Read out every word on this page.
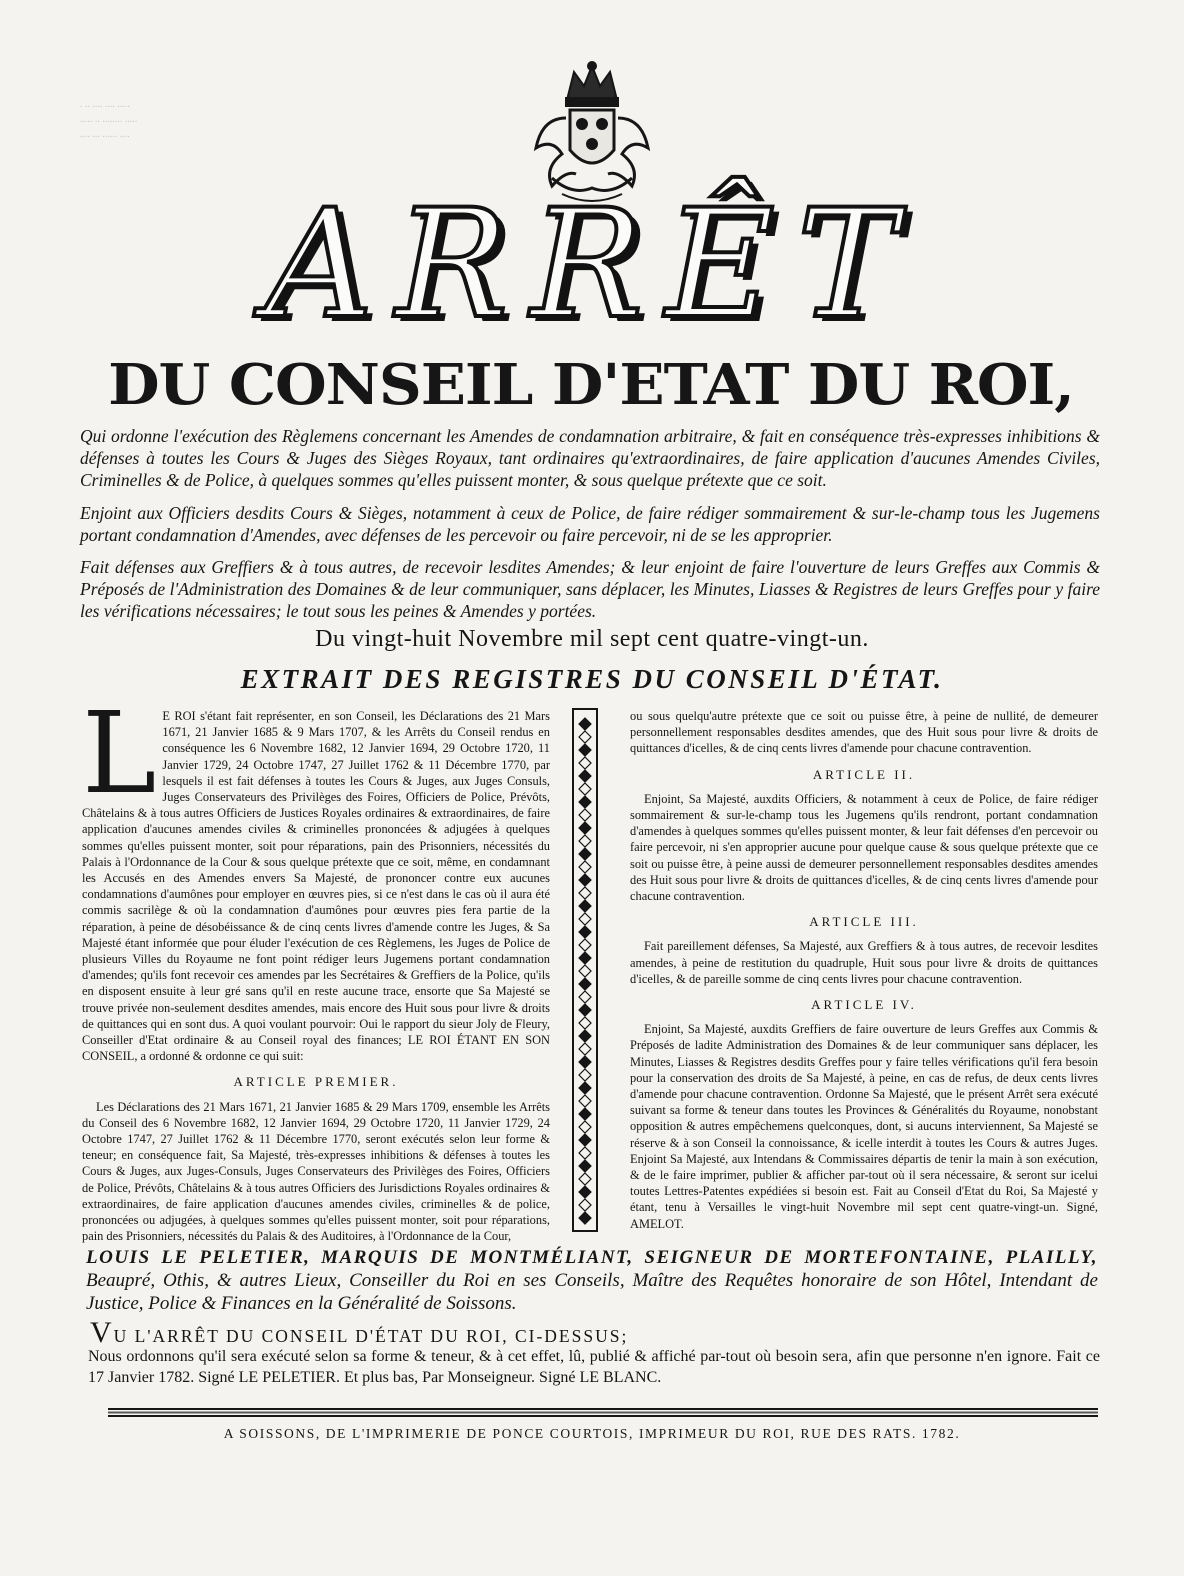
····· ···· ···· ·· ·
····· ········ ·· ·····
···· ······ ··· ····
ARRÊT
DU CONSEIL D'ETAT DU ROI,
Qui ordonne l'exécution des Règlemens concernant les Amendes de condamnation arbitraire, & fait en conséquence très-expresses inhibitions & défenses à toutes les Cours & Juges des Sièges Royaux, tant ordinaires qu'extraordinaires, de faire application d'aucunes Amendes Civiles, Criminelles & de Police, à quelques sommes qu'elles puissent monter, & sous quelque prétexte que ce soit.
Enjoint aux Officiers desdits Cours & Sièges, notamment à ceux de Police, de faire rédiger sommairement & sur-le-champ tous les Jugemens portant condamnation d'Amendes, avec défenses de les percevoir ou faire percevoir, ni de se les approprier.
Fait défenses aux Greffiers & à tous autres, de recevoir lesdites Amendes; & leur enjoint de faire l'ouverture de leurs Greffes aux Commis & Préposés de l'Administration des Domaines & de leur communiquer, sans déplacer, les Minutes, Liasses & Registres de leurs Greffes pour y faire les vérifications nécessaires; le tout sous les peines & Amendes y portées.
Du vingt-huit Novembre mil sept cent quatre-vingt-un.
EXTRAIT DES REGISTRES DU CONSEIL D'ÉTAT.
L E ROI s'étant fait représenter, en son Conseil, les Déclarations des 21 Mars 1671, 21 Janvier 1685 & 9 Mars 1707, & les Arrêts du Conseil rendus en conséquence les 6 Novembre 1682, 12 Janvier 1694, 29 Octobre 1720, 11 Janvier 1729, 24 Octobre 1747, 27 Juillet 1762 & 11 Décembre 1770, par lesquels il est fait défenses à toutes les Cours & Juges, aux Juges Consuls, Juges Conservateurs des Privilèges des Foires, Officiers de Police, Prévôts, Châtelains & à tous autres Officiers de Justices Royales ordinaires & extraordinaires, de faire application d'aucunes amendes civiles & criminelles prononcées & adjugées à quelques sommes qu'elles puissent monter, soit pour réparations, pain des Prisonniers, nécessités du Palais à l'Ordonnance de la Cour & sous quelque prétexte que ce soit, même, en condamnant les Accusés en des Amendes envers Sa Majesté, de prononcer contre eux aucunes condamnations d'aumônes pour employer en œuvres pies, si ce n'est dans le cas où il aura été commis sacrilège & où la condamnation d'aumônes pour œuvres pies fera partie de la réparation, à peine de désobéissance & de cinq cents livres d'amende contre les Juges, & Sa Majesté étant informée que pour éluder l'exécution de ces Règlemens, les Juges de Police de plusieurs Villes du Royaume ne font point rédiger leurs Jugemens portant condamnation d'amendes; qu'ils font recevoir ces amendes par les Secrétaires & Greffiers de la Police, qu'ils en disposent ensuite à leur gré sans qu'il en reste aucune trace, ensorte que Sa Majesté se trouve privée non-seulement desdites amendes, mais encore des Huit sous pour livre & droits de quittances qui en sont dus. A quoi voulant pourvoir: Oui le rapport du sieur Joly de Fleury, Conseiller d'Etat ordinaire & au Conseil royal des finances; LE ROI ÉTANT EN SON CONSEIL, a ordonné & ordonne ce qui suit:
ARTICLE PREMIER.

Les Déclarations des 21 Mars 1671, 21 Janvier 1685 & 29 Mars 1709, ensemble les Arrêts du Conseil des 6 Novembre 1682, 12 Janvier 1694, 29 Octobre 1720, 11 Janvier 1729, 24 Octobre 1747, 27 Juillet 1762 & 11 Décembre 1770, seront exécutés selon leur forme & teneur; en conséquence fait, Sa Majesté, très-expresses inhibitions & défenses à toutes les Cours & Juges, aux Juges-Consuls, Juges Conservateurs des Privilèges des Foires, Officiers de Police, Prévôts, Châtelains & à tous autres Officiers des Jurisdictions Royales ordinaires & extraordinaires, de faire application d'aucunes amendes civiles, criminelles & de police, prononcées ou adjugées, à quelques sommes qu'elles puissent monter, soit pour réparations, pain des Prisonniers, nécessités du Palais & des Auditoires, à l'Ordonnance de la Cour,

ou sous quelqu'autre prétexte que ce soit ou puisse être, à peine de nullité, de demeurer personnellement responsables desdites amendes, que des Huit sous pour livre & droits de quittances d'icelles, & de cinq cents livres d'amende pour chacune contravention.

ARTICLE II.

Enjoint, Sa Majesté, auxdits Officiers, & notamment à ceux de Police, de faire rédiger sommairement & sur-le-champ tous les Jugemens qu'ils rendront, portant condamnation d'amendes à quelques sommes qu'elles puissent monter, & leur fait défenses d'en percevoir ou faire percevoir, ni s'en approprier aucune pour quelque cause & sous quelque prétexte que ce soit ou puisse être, à peine aussi de demeurer personnellement responsables desdites amendes des Huit sous pour livre & droits de quittances d'icelles, & de cinq cents livres d'amende pour chacune contravention.

ARTICLE III.

Fait pareillement défenses, Sa Majesté, aux Greffiers & à tous autres, de recevoir lesdites amendes, à peine de restitution du quadruple, Huit sous pour livre & droits de quittances d'icelles, & de pareille somme de cinq cents livres pour chacune contravention.

ARTICLE IV.

Enjoint, Sa Majesté, auxdits Greffiers de faire ouverture de leurs Greffes aux Commis & Préposés de ladite Administration des Domaines & de leur communiquer sans déplacer, les Minutes, Liasses & Registres desdits Greffes pour y faire telles vérifications qu'il fera besoin pour la conservation des droits de Sa Majesté, à peine, en cas de refus, de deux cents livres d'amende pour chacune contravention. Ordonne Sa Majesté, que le présent Arrêt sera exécuté suivant sa forme & teneur dans toutes les Provinces & Généralités du Royaume, nonobstant opposition & autres empêchemens quelconques, dont, si aucuns interviennent, Sa Majesté se réserve & à son Conseil la connoissance, & icelle interdit à toutes les Cours & autres Juges. Enjoint Sa Majesté, aux Intendans & Commissaires départis de tenir la main à son exécution, & de le faire imprimer, publier & afficher par-tout où il sera nécessaire, & seront sur icelui toutes Lettres-Patentes expédiées si besoin est. Fait au Conseil d'Etat du Roi, Sa Majesté y étant, tenu à Versailles le vingt-huit Novembre mil sept cent quatre-vingt-un. Signé, AMELOT.

LOUIS LE PELETIER, MARQUIS DE MONTMÉLIANT, SEIGNEUR DE MORTEFONTAINE, PLAILLY, Beaupré, Othis, & autres Lieux, Conseiller du Roi en ses Conseils, Maître des Requêtes honoraire de son Hôtel, Intendant de Justice, Police & Finances en la Généralité de Soissons.
VU L'ARRÊT DU CONSEIL D'ÉTAT DU ROI, CI-DESSUS;
Nous ordonnons qu'il sera exécuté selon sa forme & teneur, & à cet effet, lû, publié & affiché par-tout où besoin sera, afin que personne n'en ignore. Fait ce 17 Janvier 1782. Signé LE PELETIER. Et plus bas, Par Monseigneur. Signé LE BLANC.
A SOISSONS, DE L'IMPRIMERIE DE PONCE COURTOIS, IMPRIMEUR DU ROI, RUE DES RATS. 1782.
